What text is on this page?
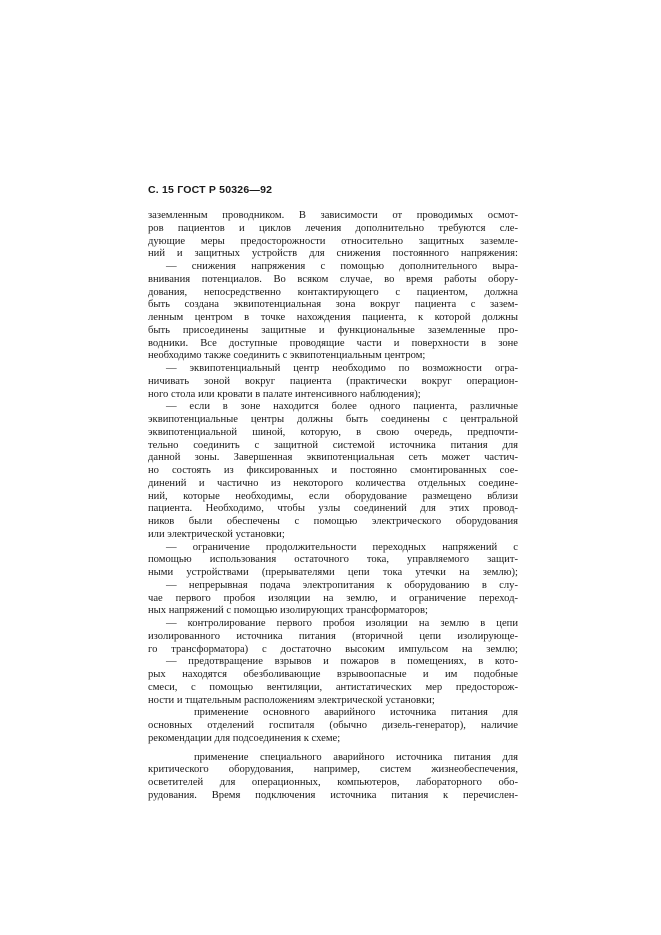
С. 15 ГОСТ Р 50326—92
заземленным проводником. В зависимости от проводимых осмот-
ров пациентов и циклов лечения дополнительно требуются сле-
дующие меры предосторожности относительно защитных заземле-
ний и защитных устройств для снижения постоянного напряжения:
— снижения напряжения с помощью дополнительного выра-
внивания потенциалов. Во всяком случае, во время работы обору-
дования, непосредственно контактирующего с пациентом, должна
быть создана эквипотенциальная зона вокруг пациента с зазем-
ленным центром в точке нахождения пациента, к которой должны
быть присоединены защитные и функциональные заземленные про-
водники. Все доступные проводящие части и поверхности в зоне
необходимо также соединить с эквипотенциальным центром;
— эквипотенциальный центр необходимо по возможности огра-
ничивать зоной вокруг пациента (практически вокруг операцион-
ного стола или кровати в палате интенсивного наблюдения);
— если в зоне находится более одного пациента, различные
эквипотенциальные центры должны быть соединены с центральной
эквипотенциальной шиной, которую, в свою очередь, предпочти-
тельно соединить с защитной системой источника питания для
данной зоны. Завершенная эквипотенциальная сеть может частич-
но состоять из фиксированных и постоянно смонтированных сое-
динений и частично из некоторого количества отдельных соедине-
ний, которые необходимы, если оборудование размещено вблизи
пациента. Необходимо, чтобы узлы соединений для этих провод-
ников были обеспечены с помощью электрического оборудования
или электрической установки;
— ограничение продолжительности переходных напряжений с
помощью использования остаточного тока, управляемого защит-
ными устройствами (прерывателями цепи тока утечки на землю);
— непрерывная подача электропитания к оборудованию в слу-
чае первого пробоя изоляции на землю, и ограничение переход-
ных напряжений с помощью изолирующих трансформаторов;
— контролирование первого пробоя изоляции на землю в цепи
изолированного источника питания (вторичной цепи изолирующе-
го трансформатора) с достаточно высоким импульсом на землю;
— предотвращение взрывов и пожаров в помещениях, в кото-
рых находятся обезболивающие взрывоопасные и им подобные
смеси, с помощью вентиляции, антистатических мер предосторож-
ности и тщательным расположениям электрической установки;
применение основного аварийного источника питания для
основных отделений госпиталя (обычно дизель-генератор), наличие
рекомендации для подсоединения к схеме;
применение специального аварийного источника питания для
критического оборудования, например, систем жизнеобеспечения,
осветителей для операционных, компьютеров, лабораторного обо-
рудования. Время подключения источника питания к перечислен-
